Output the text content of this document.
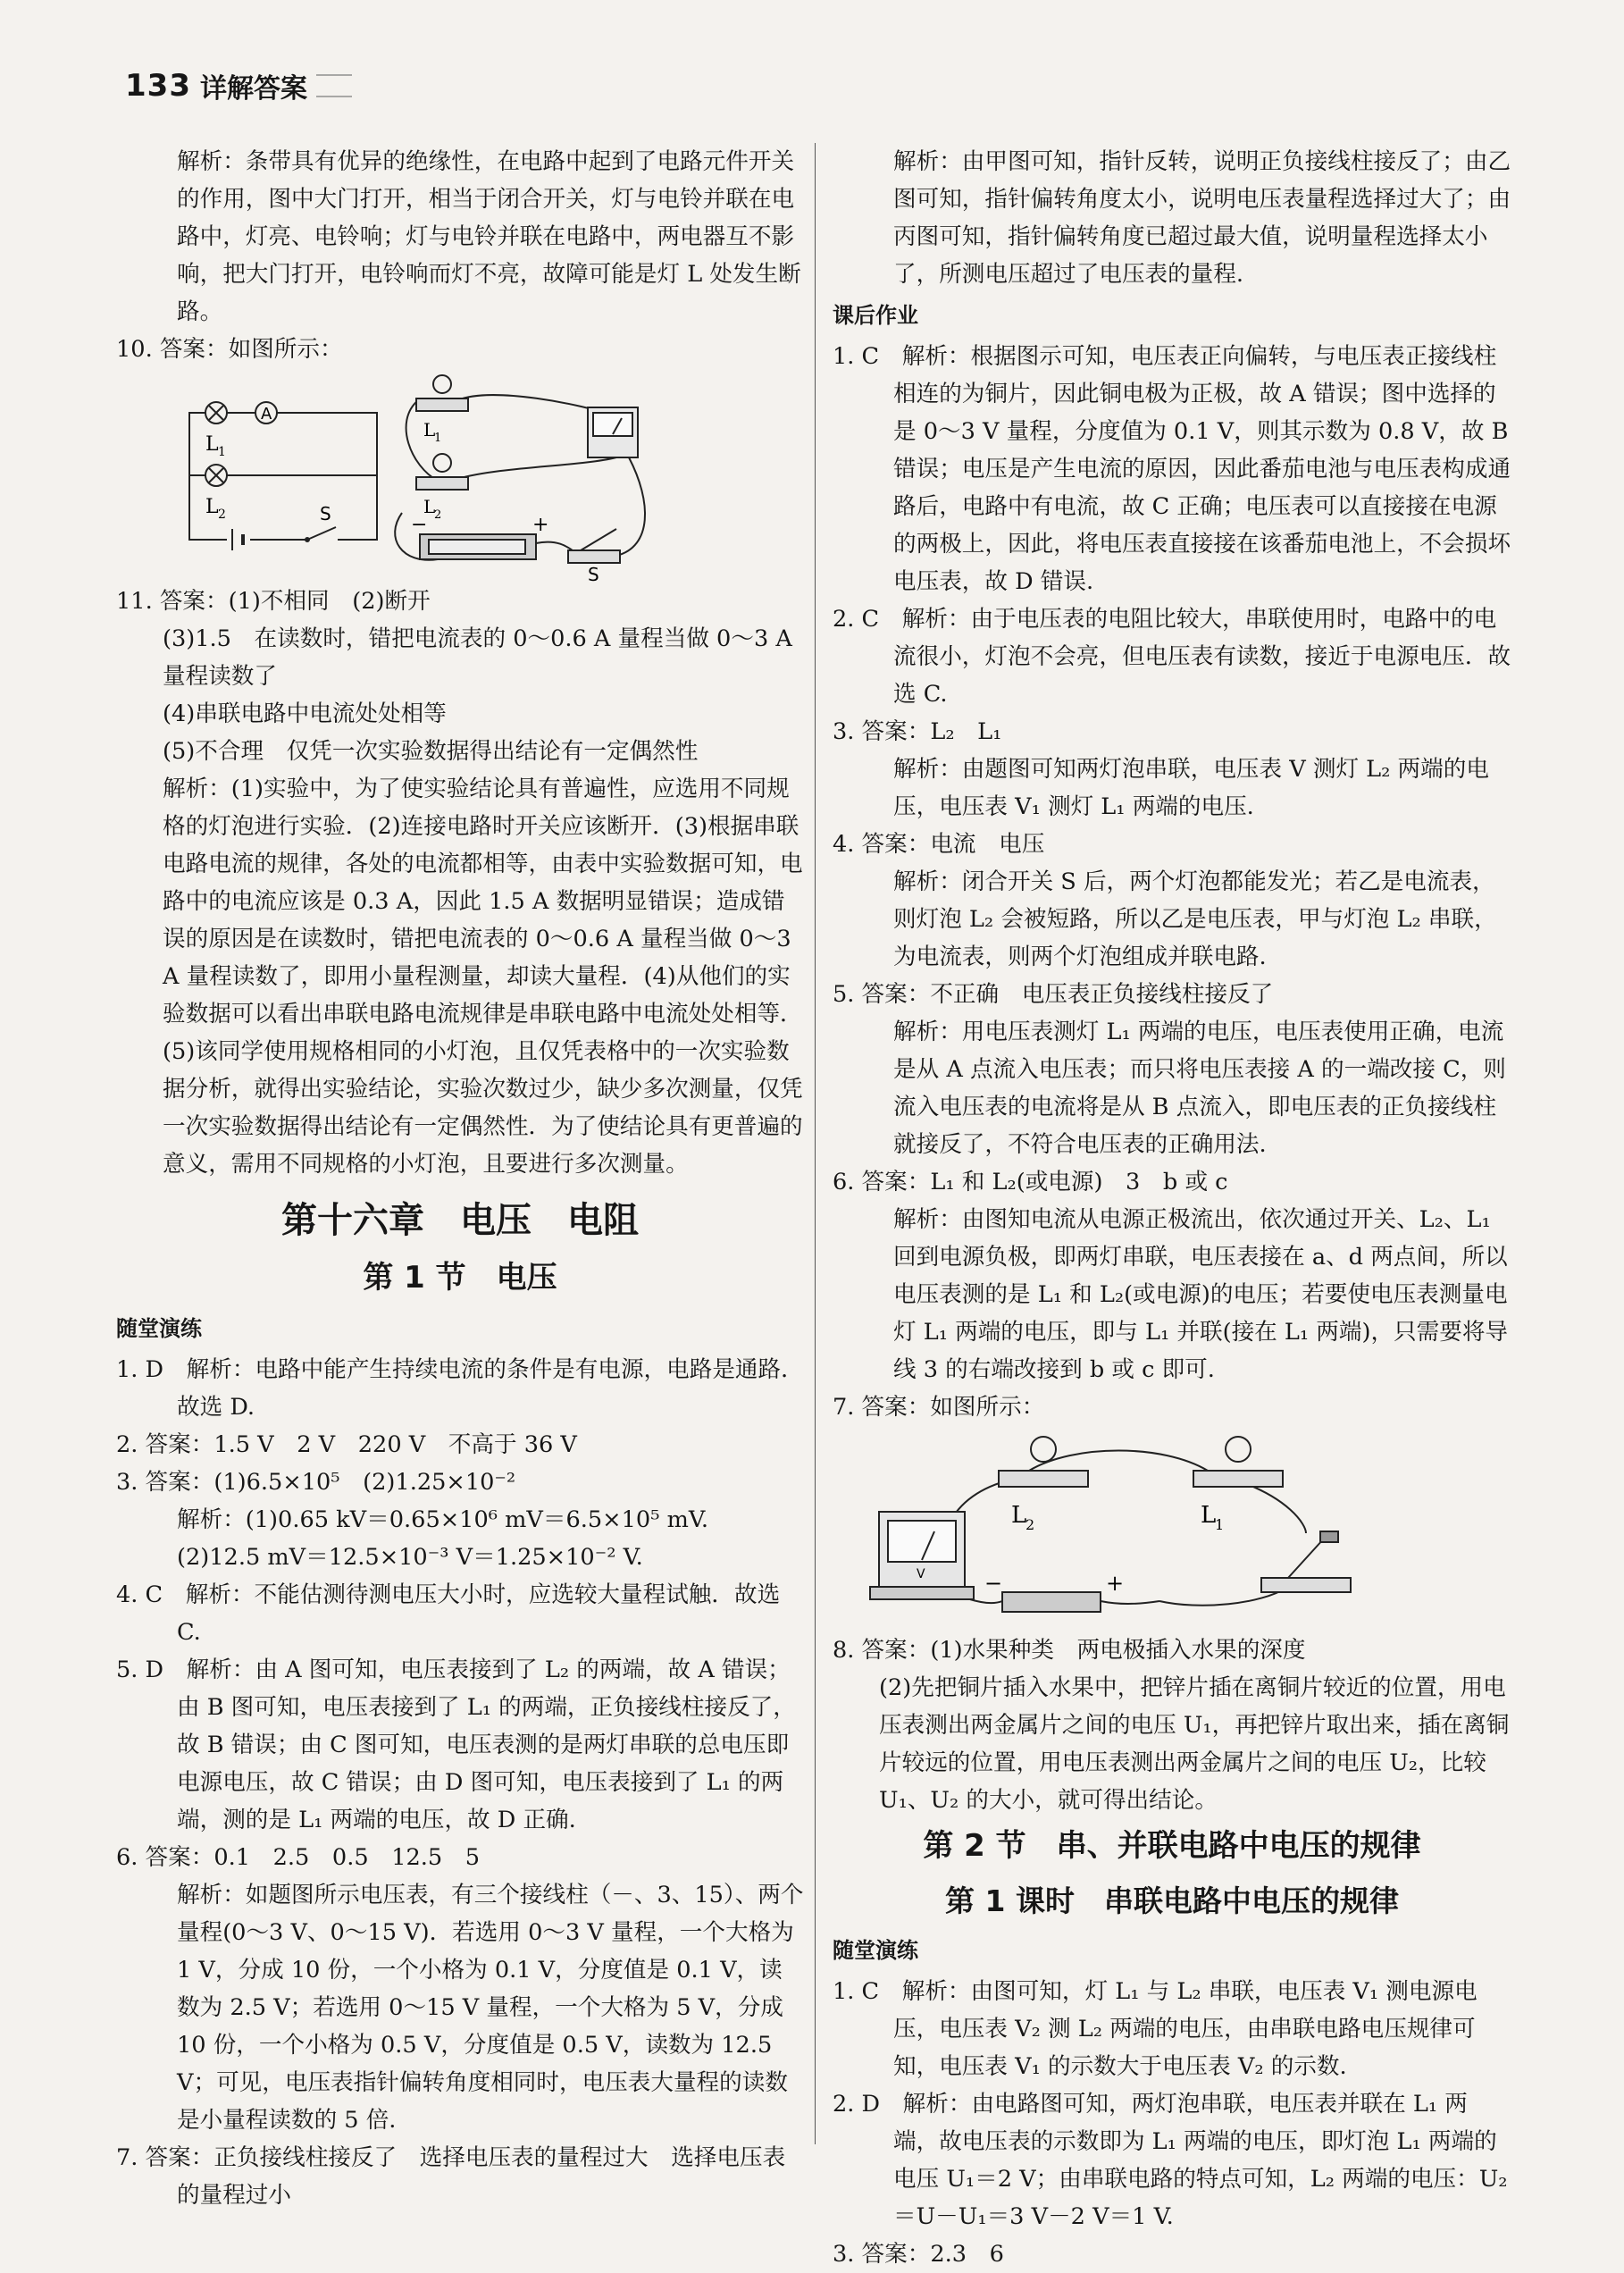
133 详解答案

解析：条带具有优异的绝缘性，在电路中起到了电路元件开关的作用，图中大门打开，相当于闭合开关，灯与电铃并联在电路中，灯亮、电铃响；灯与电铃并联在电路中，两电器互不影响，把大门打开，电铃响而灯不亮，故障可能是灯 L 处发生断路。

10. 答案：如图所示：

A
L 1
L 2	S
L
1
L
2
−	+
S

11. 答案：(1)不相同　(2)断开

(3)1.5　在读数时，错把电流表的 0～0.6 A 量程当做 0～3 A 量程读数了

(4)串联电路中电流处处相等

(5)不合理　仅凭一次实验数据得出结论有一定偶然性

解析：(1)实验中，为了使实验结论具有普遍性，应选用不同规格的灯泡进行实验．(2)连接电路时开关应该断开．(3)根据串联电路电流的规律，各处的电流都相等，由表中实验数据可知，电路中的电流应该是 0.3 A，因此 1.5 A 数据明显错误；造成错误的原因是在读数时，错把电流表的 0～0.6 A 量程当做 0～3 A 量程读数了，即用小量程测量，却读大量程．(4)从他们的实验数据可以看出串联电路电流规律是串联电路中电流处处相等．(5)该同学使用规格相同的小灯泡，且仅凭表格中的一次实验数据分析，就得出实验结论，实验次数过少，缺少多次测量，仅凭一次实验数据得出结论有一定偶然性．为了使结论具有更普遍的意义，需用不同规格的小灯泡，且要进行多次测量。

第十六章　电压　电阻
第 1 节　电压
随堂演练

1. D　解析：电路中能产生持续电流的条件是有电源，电路是通路．故选 D.

2. 答案：1.5 V　2 V　220 V　不高于 36 V

3. 答案：(1)6.5×10⁵　(2)1.25×10⁻²

解析：(1)0.65 kV＝0.65×10⁶ mV＝6.5×10⁵ mV.

(2)12.5 mV＝12.5×10⁻³ V＝1.25×10⁻² V.

4. C　解析：不能估测待测电压大小时，应选较大量程试触．故选 C.

5. D　解析：由 A 图可知，电压表接到了 L₂ 的两端，故 A 错误；由 B 图可知，电压表接到了 L₁ 的两端，正负接线柱接反了，故 B 错误；由 C 图可知，电压表测的是两灯串联的总电压即电源电压，故 C 错误；由 D 图可知，电压表接到了 L₁ 的两端，测的是 L₁ 两端的电压，故 D 正确.

6. 答案：0.1　2.5　0.5　12.5　5

解析：如题图所示电压表，有三个接线柱（－、3、15）、两个量程(0～3 V、0～15 V)．若选用 0～3 V 量程，一个大格为 1 V，分成 10 份，一个小格为 0.1 V，分度值是 0.1 V，读数为 2.5 V；若选用 0～15 V 量程，一个大格为 5 V，分成 10 份，一个小格为 0.5 V，分度值是 0.5 V，读数为 12.5 V；可见，电压表指针偏转角度相同时，电压表大量程的读数是小量程读数的 5 倍.

7. 答案：正负接线柱接反了　选择电压表的量程过大　选择电压表的量程过小

解析：由甲图可知，指针反转，说明正负接线柱接反了；由乙图可知，指针偏转角度太小，说明电压表量程选择过大了；由丙图可知，指针偏转角度已超过最大值，说明量程选择太小了，所测电压超过了电压表的量程.

课后作业

1. C　解析：根据图示可知，电压表正向偏转，与电压表正接线柱相连的为铜片，因此铜电极为正极，故 A 错误；图中选择的是 0～3 V 量程，分度值为 0.1 V，则其示数为 0.8 V，故 B 错误；电压是产生电流的原因，因此番茄电池与电压表构成通路后，电路中有电流，故 C 正确；电压表可以直接接在电源的两极上，因此，将电压表直接接在该番茄电池上，不会损坏电压表，故 D 错误.

2. C　解析：由于电压表的电阻比较大，串联使用时，电路中的电流很小，灯泡不会亮，但电压表有读数，接近于电源电压．故选 C.

3. 答案：L₂　L₁

解析：由题图可知两灯泡串联，电压表 V 测灯 L₂ 两端的电压，电压表 V₁ 测灯 L₁ 两端的电压.

4. 答案：电流　电压

解析：闭合开关 S 后，两个灯泡都能发光；若乙是电流表，则灯泡 L₂ 会被短路，所以乙是电压表，甲与灯泡 L₂ 串联，为电流表，则两个灯泡组成并联电路.

5. 答案：不正确　电压表正负接线柱接反了

解析：用电压表测灯 L₁ 两端的电压，电压表使用正确，电流是从 A 点流入电压表；而只将电压表接 A 的一端改接 C，则流入电压表的电流将是从 B 点流入，即电压表的正负接线柱就接反了，不符合电压表的正确用法.

6. 答案：L₁ 和 L₂(或电源)　3　b 或 c

解析：由图知电流从电源正极流出，依次通过开关、L₂、L₁ 回到电源负极，即两灯串联，电压表接在 a、d 两点间，所以电压表测的是 L₁ 和 L₂(或电源)的电压；若要使电压表测量电灯 L₁ 两端的电压，即与 L₁ 并联(接在 L₁ 两端)，只需要将导线 3 的右端改接到 b 或 c 即可.

7. 答案：如图所示：

L
2	L
1
V	−	+

8. 答案：(1)水果种类　两电极插入水果的深度

(2)先把铜片插入水果中，把锌片插在离铜片较近的位置，用电压表测出两金属片之间的电压 U₁，再把锌片取出来，插在离铜片较远的位置，用电压表测出两金属片之间的电压 U₂，比较 U₁、U₂ 的大小，就可得出结论。

第 2 节　串、并联电路中电压的规律
第 1 课时　串联电路中电压的规律
随堂演练

1. C　解析：由图可知，灯 L₁ 与 L₂ 串联，电压表 V₁ 测电源电压，电压表 V₂ 测 L₂ 两端的电压，由串联电路电压规律可知，电压表 V₁ 的示数大于电压表 V₂ 的示数.

2. D　解析：由电路图可知，两灯泡串联，电压表并联在 L₁ 两端，故电压表的示数即为 L₁ 两端的电压，即灯泡 L₁ 两端的电压 U₁＝2 V；由串联电路的特点可知，L₂ 两端的电压：U₂＝U－U₁＝3 V－2 V＝1 V.

3. 答案：2.3　6
